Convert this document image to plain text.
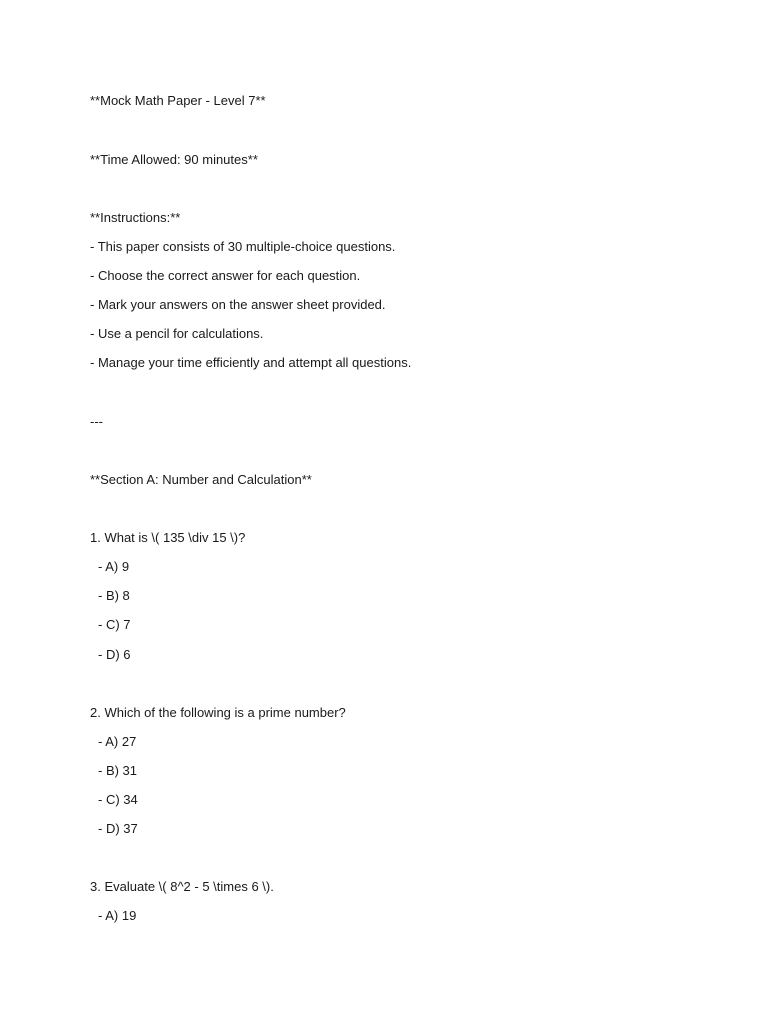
**Mock Math Paper - Level 7**
**Time Allowed: 90 minutes**
**Instructions:**
- This paper consists of 30 multiple-choice questions.
- Choose the correct answer for each question.
- Mark your answers on the answer sheet provided.
- Use a pencil for calculations.
- Manage your time efficiently and attempt all questions.
---
**Section A: Number and Calculation**
1. What is \( 135 \div 15 \)?
- A) 9
- B) 8
- C) 7
- D) 6
2. Which of the following is a prime number?
- A) 27
- B) 31
- C) 34
- D) 37
3. Evaluate \( 8^2 - 5 \times 6 \).
- A) 19
